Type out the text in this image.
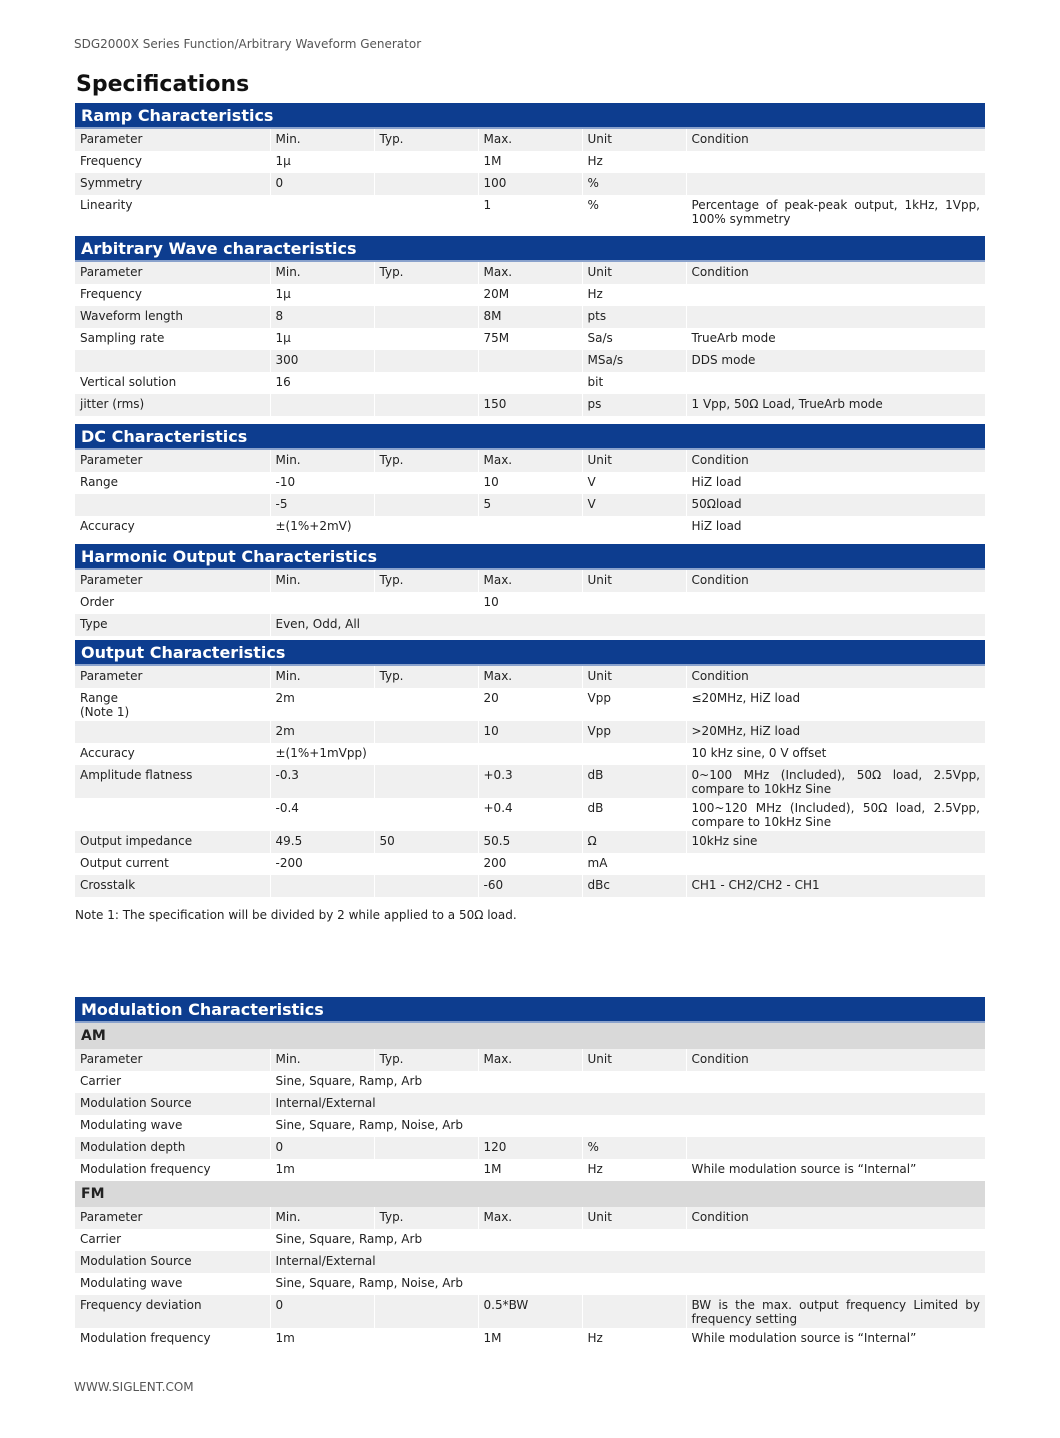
SDG2000X Series Function/Arbitrary Waveform Generator
Specifications
Ramp Characteristics
Parameter	Min.	Typ.	Max.	Unit	Condition
Frequency	1μ		1M	Hz	
Symmetry	0		100	%	
Linearity			1	%	Percentage of peak-peak output, 1kHz, 1Vpp, 100% symmetry
Arbitrary Wave characteristics
Parameter	Min.	Typ.	Max.	Unit	Condition
Frequency	1μ		20M	Hz	
Waveform length	8		8M	pts	
Sampling rate	1μ		75M	Sa/s	TrueArb mode
	300			MSa/s	DDS mode
Vertical solution	16			bit	
jitter (rms)			150	ps	1 Vpp, 50Ω Load, TrueArb mode
DC Characteristics
Parameter	Min.	Typ.	Max.	Unit	Condition
Range	-10		10	V	HiZ load
	-5		5	V	50Ωload
Accuracy	±(1%+2mV)				HiZ load
Harmonic Output Characteristics
Parameter	Min.	Typ.	Max.	Unit	Condition
Order			10		
Type	Even, Odd, All				
Output Characteristics
Parameter	Min.	Typ.	Max.	Unit	Condition
Range
(Note 1)	2m		20	Vpp	≤20MHz, HiZ load
	2m		10	Vpp	>20MHz, HiZ load
Accuracy	±(1%+1mVpp)				10 kHz sine, 0 V offset
Amplitude flatness	-0.3		+0.3	dB	0~100 MHz (Included), 50Ω load, 2.5Vpp, compare to 10kHz Sine
	-0.4		+0.4	dB	100~120 MHz (Included), 50Ω load, 2.5Vpp, compare to 10kHz Sine
Output impedance	49.5	50	50.5	Ω	10kHz sine
Output current	-200		200	mA	
Crosstalk			-60	dBc	CH1 - CH2/CH2 - CH1
Note 1: The specification will be divided by 2 while applied to a 50Ω load.
Modulation Characteristics
AM
Parameter	Min.	Typ.	Max.	Unit	Condition
Carrier	Sine, Square, Ramp, Arb				
Modulation Source	Internal/External				
Modulating wave	Sine, Square, Ramp, Noise, Arb				
Modulation depth	0		120	%	
Modulation frequency	1m		1M	Hz	While modulation source is “Internal”
FM
Parameter	Min.	Typ.	Max.	Unit	Condition
Carrier	Sine, Square, Ramp, Arb				
Modulation Source	Internal/External				
Modulating wave	Sine, Square, Ramp, Noise, Arb				
Frequency deviation	0		0.5*BW		BW is the max. output frequency Limited by frequency setting
Modulation frequency	1m		1M	Hz	While modulation source is “Internal”
WWW.SIGLENT.COM
